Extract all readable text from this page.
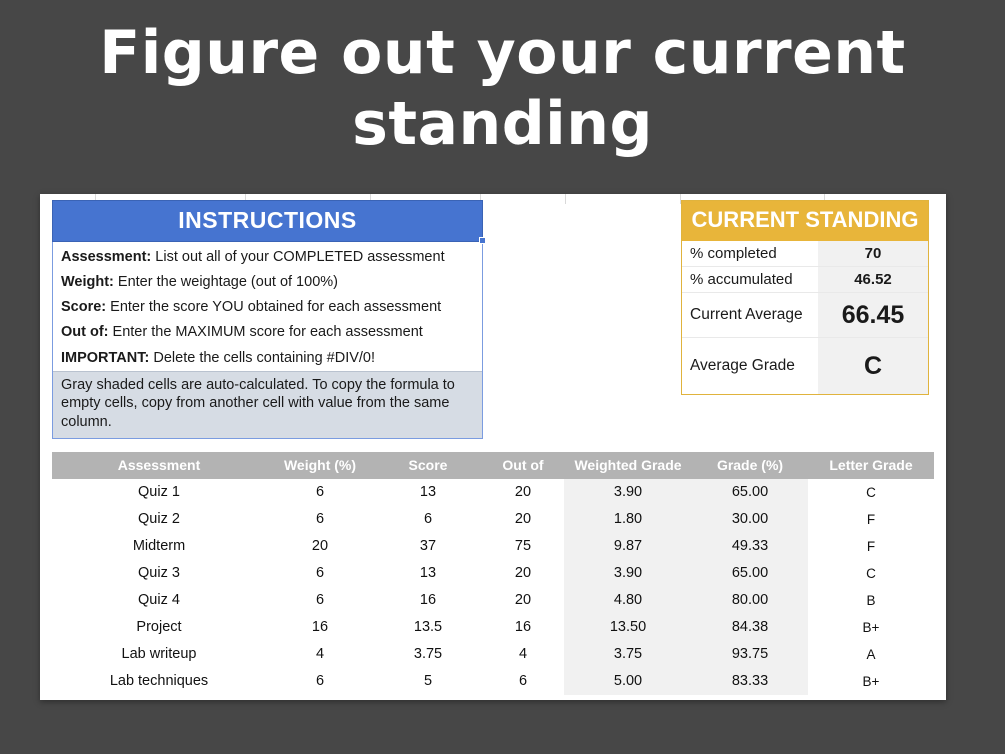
Figure out your current standing
INSTRUCTIONS
Assessment: List out all of your COMPLETED assessment
Weight: Enter the weightage (out of 100%)
Score: Enter the score YOU obtained for each assessment
Out of: Enter the MAXIMUM score for each assessment
IMPORTANT: Delete the cells containing #DIV/0!
Gray shaded cells are auto-calculated. To copy the formula to empty cells, copy from another cell with value from the same column.
CURRENT STANDING
% completed	70
% accumulated	46.52
Current Average	66.45
Average Grade	C
Assessment	Weight (%)	Score	Out of	Weighted Grade	Grade (%)	Letter Grade
Quiz 1	6	13	20	3.90	65.00	C
Quiz 2	6	6	20	1.80	30.00	F
Midterm	20	37	75	9.87	49.33	F
Quiz 3	6	13	20	3.90	65.00	C
Quiz 4	6	16	20	4.80	80.00	B
Project	16	13.5	16	13.50	84.38	B+
Lab writeup	4	3.75	4	3.75	93.75	A
Lab techniques	6	5	6	5.00	83.33	B+
